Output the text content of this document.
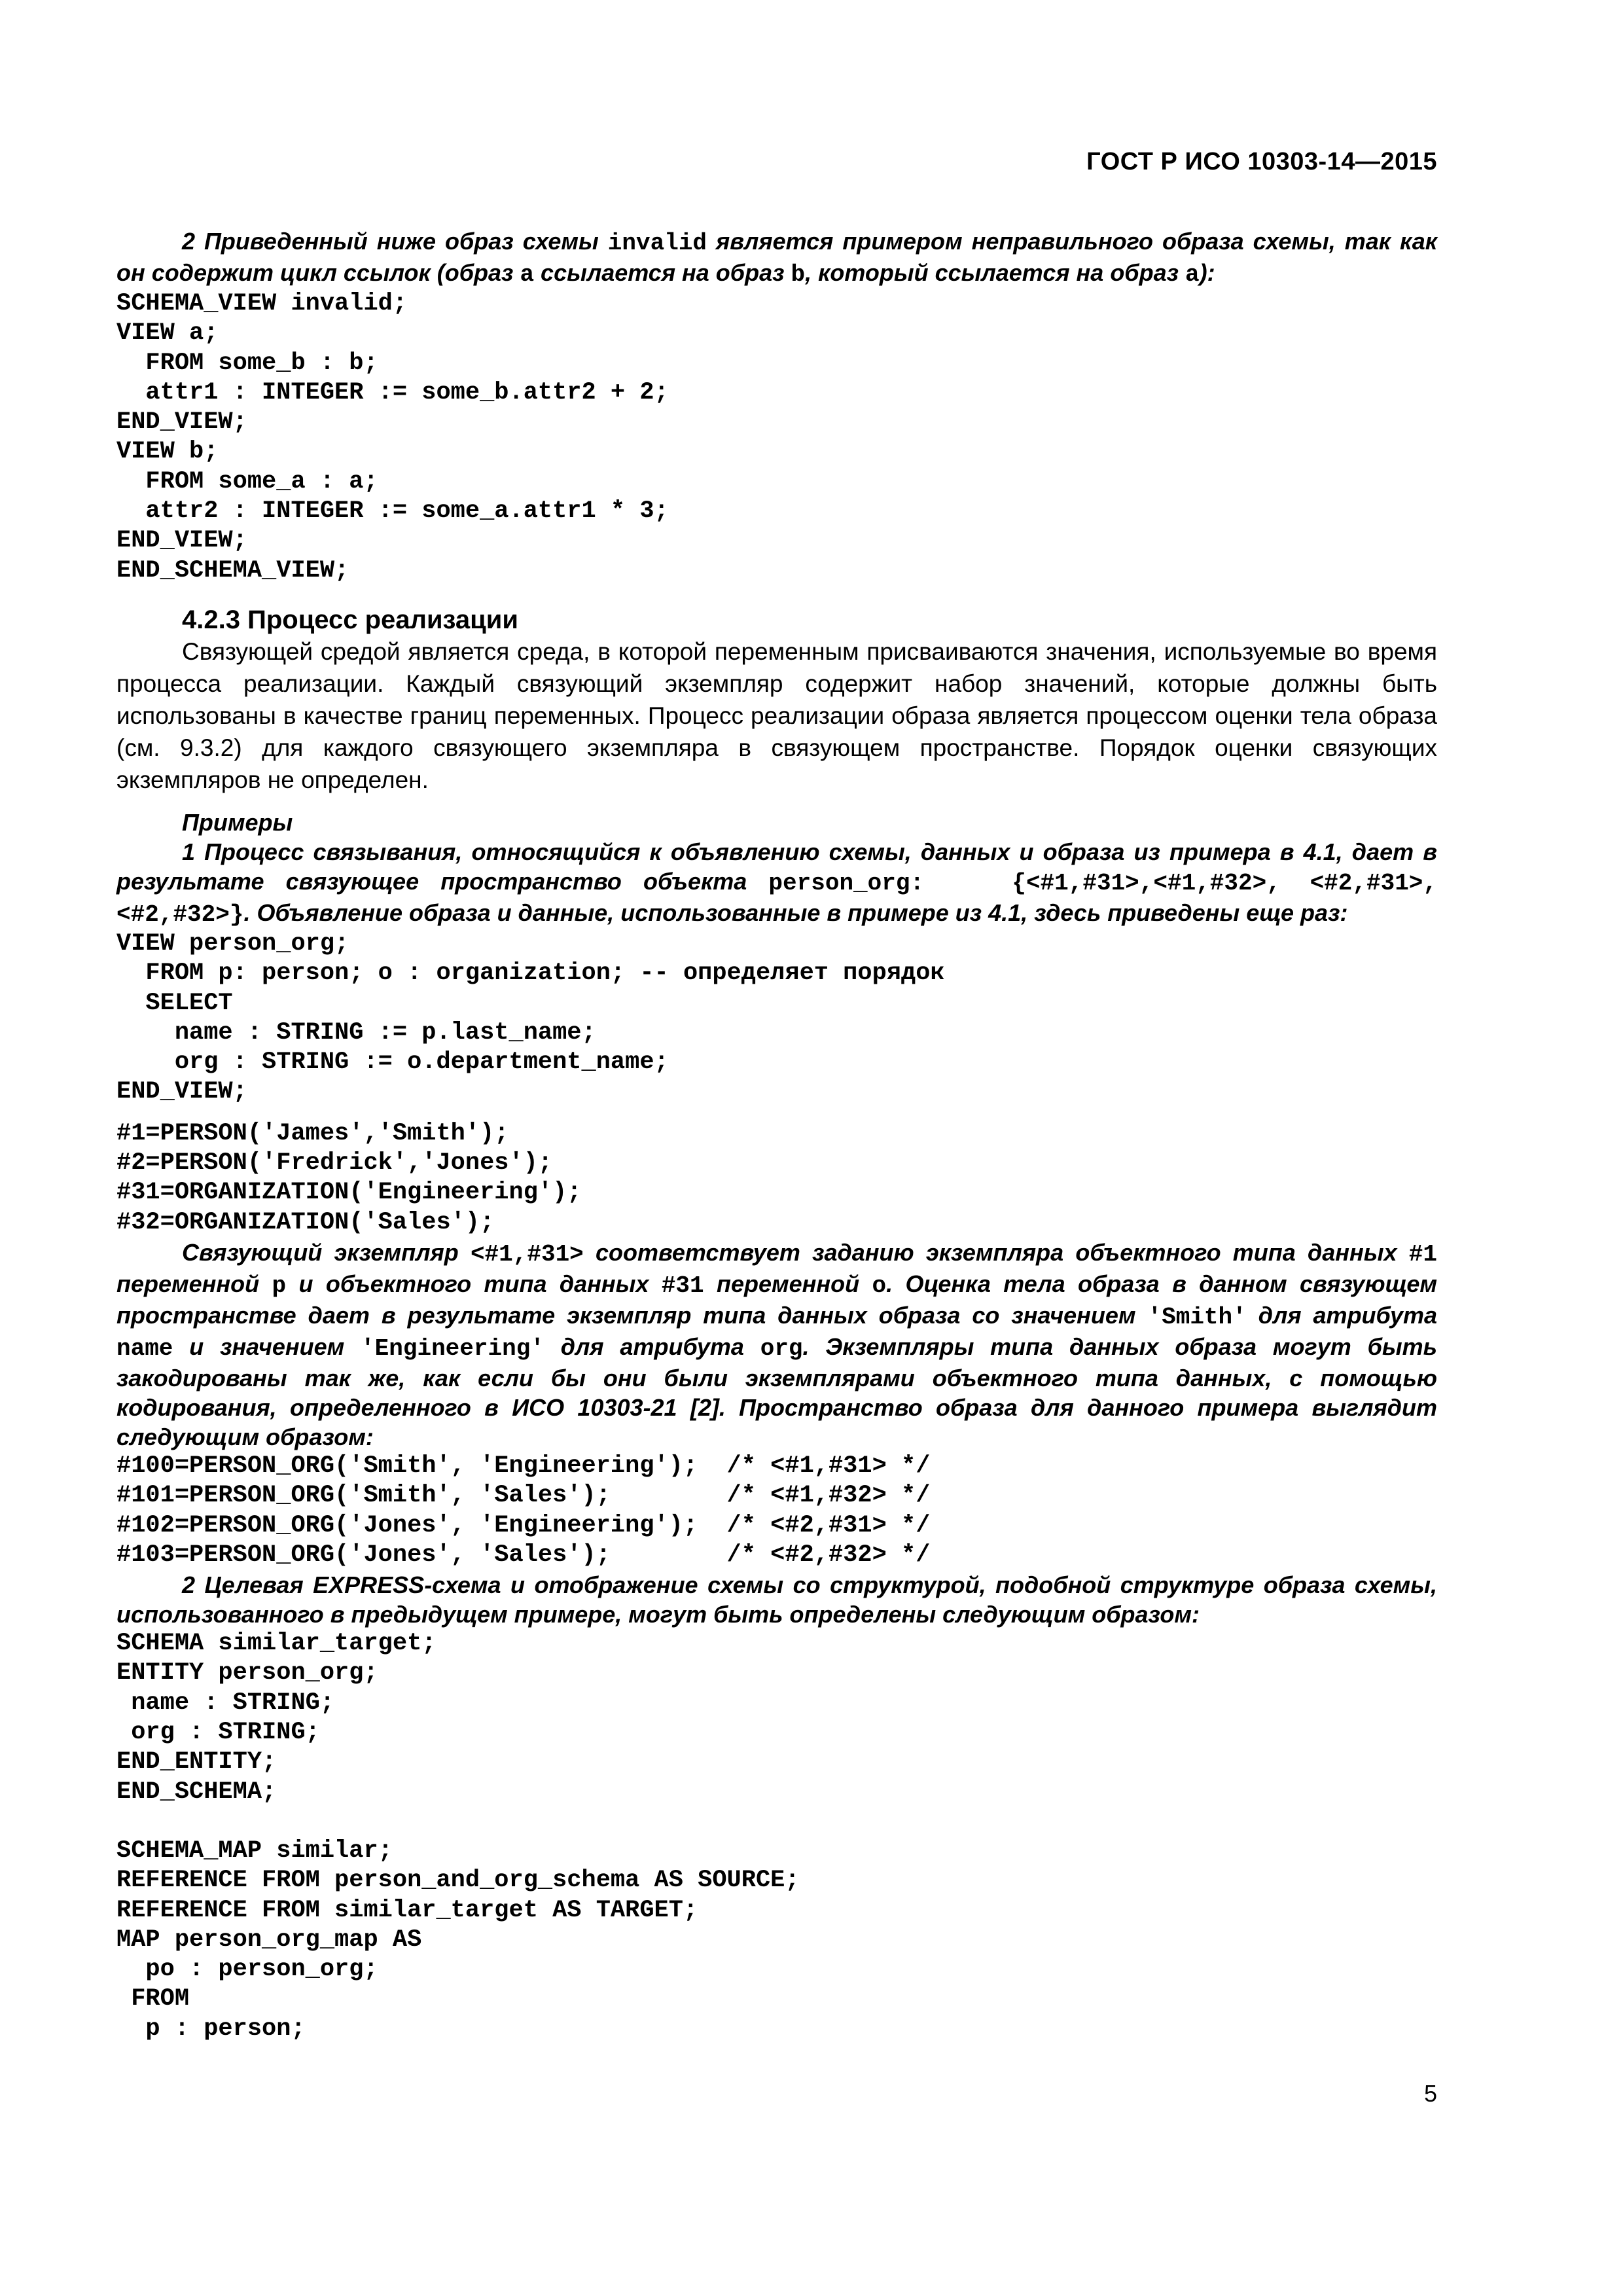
ГОСТ Р ИСО 10303-14—2015

2 Приведенный ниже образ схемы invalid является примером неправильного образа схемы, так как он содержит цикл ссылок (образ a ссылается на образ b, который ссылается на образ a):

SCHEMA_VIEW invalid;
VIEW a;
FROM some_b : b;
attr1 : INTEGER := some_b.attr2 + 2;
END_VIEW;
VIEW b;
FROM some_a : a;
attr2 : INTEGER := some_a.attr1 * 3;
END_VIEW;
END_SCHEMA_VIEW;
4.2.3 Процесс реализации

Связующей средой является среда, в которой переменным присваиваются значения, используемые во время процесса реализации. Каждый связующий экземпляр содержит набор значений, которые должны быть использованы в качестве границ переменных. Процесс реализации образа является процессом оценки тела образа (см. 9.3.2) для каждого связующего экземпляра в связующем пространстве. Порядок оценки связующих экземпляров не определен.

Примеры

1 Процесс связывания, относящийся к объявлению схемы, данных и образа из примера в 4.1, дает в результате связующее пространство объекта person_org:   {<#1,#31>,<#1,#32>, <#2,#31>,<#2,#32>}. Объявление образа и данные, использованные в примере из 4.1, здесь приведены еще раз:

VIEW person_org;
FROM p: person; o : organization; -- определяет порядок
SELECT
name : STRING := p.last_name;
org : STRING := o.department_name;
END_VIEW;
#1=PERSON('James','Smith');
#2=PERSON('Fredrick','Jones');
#31=ORGANIZATION('Engineering');
#32=ORGANIZATION('Sales');

Связующий экземпляр <#1,#31> соответствует заданию экземпляра объектного типа данных #1 переменной p и объектного типа данных #31 переменной o. Оценка тела образа в данном связующем пространстве дает в результате экземпляр типа данных образа со значением 'Smith' для атрибута name и значением 'Engineering' для атрибута org. Экземпляры типа данных образа могут быть закодированы так же, как если бы они были экземплярами объектного типа данных, с помощью кодирования, определенного в ИСО 10303-21 [2]. Пространство образа для данного примера выглядит следующим образом:

#100=PERSON_ORG('Smith', 'Engineering');  /* <#1,#31> */
#101=PERSON_ORG('Smith', 'Sales');        /* <#1,#32> */
#102=PERSON_ORG('Jones', 'Engineering');  /* <#2,#31> */
#103=PERSON_ORG('Jones', 'Sales');        /* <#2,#32> */

2 Целевая EXPRESS-схема и отображение схемы со структурой, подобной структуре образа схемы, использованного в предыдущем примере, могут быть определены следующим образом:

SCHEMA similar_target;
ENTITY person_org;
name : STRING;
org : STRING;
END_ENTITY;
END_SCHEMA;
SCHEMA_MAP similar;
REFERENCE FROM person_and_org_schema AS SOURCE;
REFERENCE FROM similar_target AS TARGET;
MAP person_org_map AS
po : person_org;
FROM
p : person;
5
